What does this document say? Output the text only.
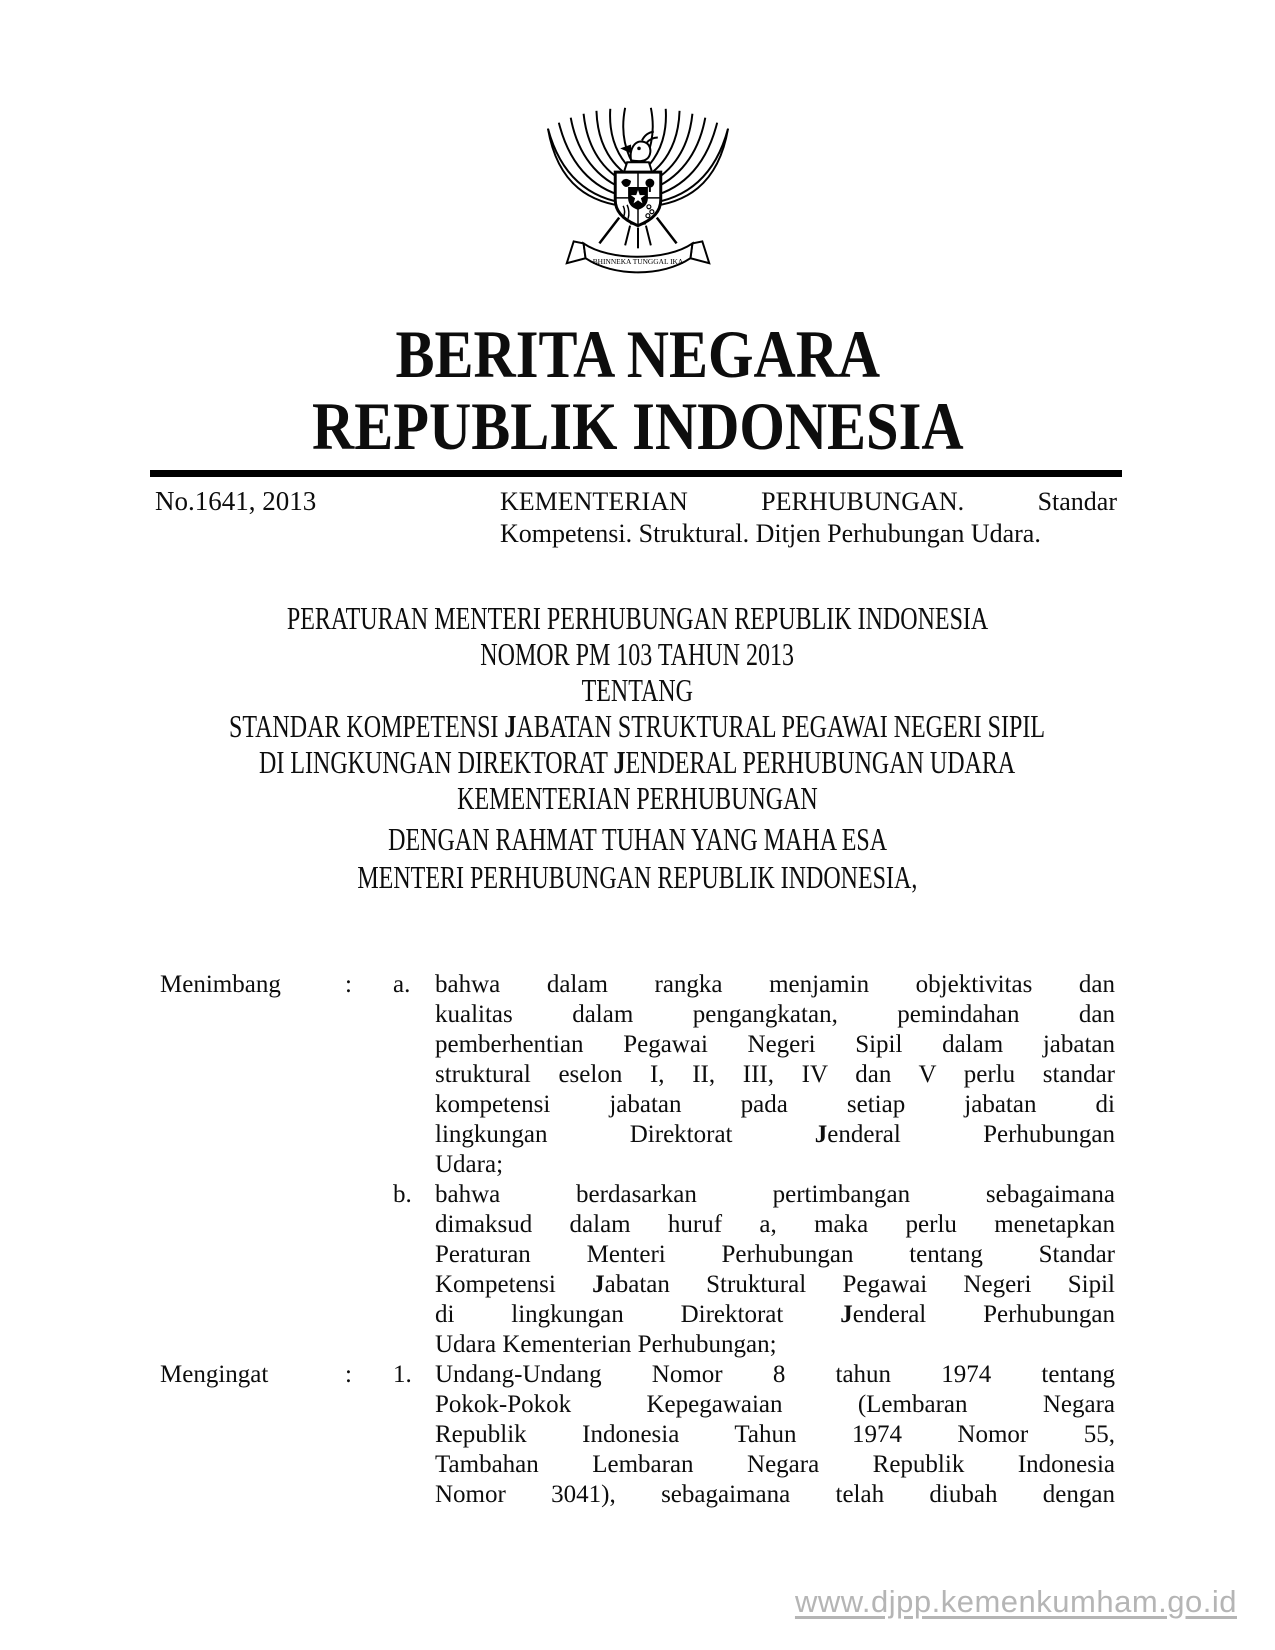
BHINNEKA TUNGGAL IKA
BERITA NEGARA
REPUBLIK INDONESIA
No.1641, 2013	KEMENTERIAN PERHUBUNGAN. Standar
Kompetensi. Struktural. Ditjen Perhubungan Udara.
PERATURAN MENTERI PERHUBUNGAN REPUBLIK INDONESIA
NOMOR PM 103 TAHUN 2013
TENTANG
STANDAR KOMPETENSI JABATAN STRUKTURAL PEGAWAI NEGERI SIPIL
DI LINGKUNGAN DIREKTORAT JENDERAL PERHUBUNGAN UDARA
KEMENTERIAN PERHUBUNGAN
DENGAN RAHMAT TUHAN YANG MAHA ESA
MENTERI PERHUBUNGAN REPUBLIK INDONESIA,
Menimbang	:	a. bahwa dalam rangka menjamin objektivitas dan
kualitas dalam pengangkatan, pemindahan dan
pemberhentian Pegawai Negeri Sipil dalam jabatan
struktural eselon I, II, III, IV dan V perlu standar
kompetensi jabatan pada setiap jabatan di
lingkungan Direktorat Jenderal Perhubungan
Udara;
b. bahwa berdasarkan pertimbangan sebagaimana
dimaksud dalam huruf a, maka perlu menetapkan
Peraturan Menteri Perhubungan tentang Standar
Kompetensi Jabatan Struktural Pegawai Negeri Sipil
di lingkungan Direktorat Jenderal Perhubungan
Udara Kementerian Perhubungan;
Mengingat	:	1. Undang-Undang Nomor 8 tahun 1974 tentang
Pokok-Pokok Kepegawaian (Lembaran Negara
Republik Indonesia Tahun 1974 Nomor 55,
Tambahan Lembaran Negara Republik Indonesia
Nomor 3041), sebagaimana telah diubah dengan
www.djpp.kemenkumham.go.id
